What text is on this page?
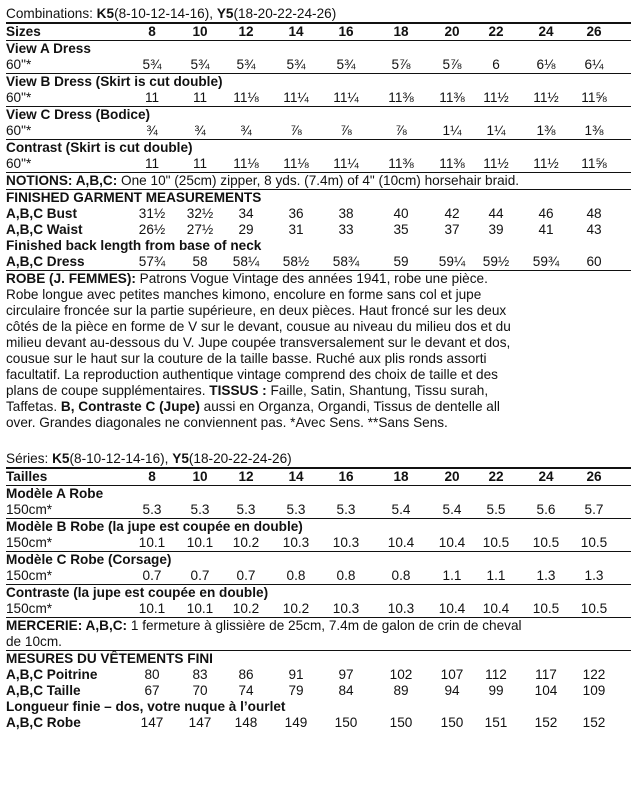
Combinations: K5(8-10-12-14-16), Y5(18-20-22-24-26)
Sizes	8	10	12	14	16	18	20	22	24	26
View A Dress
60"*	5¾	5¾	5¾	5¾	5¾	5⅞	5⅞	6	6⅛	6¼
View B Dress (Skirt is cut double)
60"*	11	11	11⅛	11¼	11¼	11⅜	11⅜	11½	11½	11⅝
View C Dress (Bodice)
60"*	¾	¾	¾	⅞	⅞	⅞	1¼	1¼	1⅜	1⅜
Contrast (Skirt is cut double)
60"*	11	11	11⅛	11⅛	11¼	11⅜	11⅜	11½	11½	11⅝
NOTIONS: A,B,C: One 10" (25cm) zipper, 8 yds. (7.4m) of 4" (10cm) horsehair braid.
FINISHED GARMENT MEASUREMENTS
A,B,C Bust	31½	32½	34	36	38	40	42	44	46	48
A,B,C Waist	26½	27½	29	31	33	35	37	39	41	43
Finished back length from base of neck
A,B,C Dress	57¾	58	58¼	58½	58¾	59	59¼	59½	59¾	60
ROBE (J. FEMMES): Patrons Vogue Vintage des années 1941, robe une pièce.
Robe longue avec petites manches kimono, encolure en forme sans col et jupe
circulaire froncée sur la partie supérieure, en deux pièces. Haut froncé sur les deux
côtés de la pièce en forme de V sur le devant, cousue au niveau du milieu dos et du
milieu devant au-dessous du V. Jupe coupée transversalement sur le devant et dos,
cousue sur le haut sur la couture de la taille basse. Ruché aux plis ronds assorti
facultatif. La reproduction authentique vintage comprend des choix de taille et des
plans de coupe supplémentaires. TISSUS : Faille, Satin, Shantung, Tissu surah,
Taffetas. B, Contraste C (Jupe) aussi en Organza, Organdi, Tissus de dentelle all
over. Grandes diagonales ne conviennent pas. *Avec Sens. **Sans Sens.
Séries: K5(8-10-12-14-16), Y5(18-20-22-24-26)
Tailles	8	10	12	14	16	18	20	22	24	26
Modèle A Robe
150cm*	5.3	5.3	5.3	5.3	5.3	5.4	5.4	5.5	5.6	5.7
Modèle B Robe (la jupe est coupée en double)
150cm*	10.1	10.1	10.2	10.3	10.3	10.4	10.4	10.5	10.5	10.5
Modèle C Robe (Corsage)
150cm*	0.7	0.7	0.7	0.8	0.8	0.8	1.1	1.1	1.3	1.3
Contraste (la jupe est coupée en double)
150cm*	10.1	10.1	10.2	10.2	10.3	10.3	10.4	10.4	10.5	10.5
MERCERIE: A,B,C: 1 fermeture à glissière de 25cm, 7.4m de galon de crin de cheval
de 10cm.
MESURES DU VÊTEMENTS FINI
A,B,C Poitrine	80	83	86	91	97	102	107	112	117	122
A,B,C Taille	67	70	74	79	84	89	94	99	104	109
Longueur finie – dos, votre nuque à l’ourlet
A,B,C Robe	147	147	148	149	150	150	150	151	152	152
